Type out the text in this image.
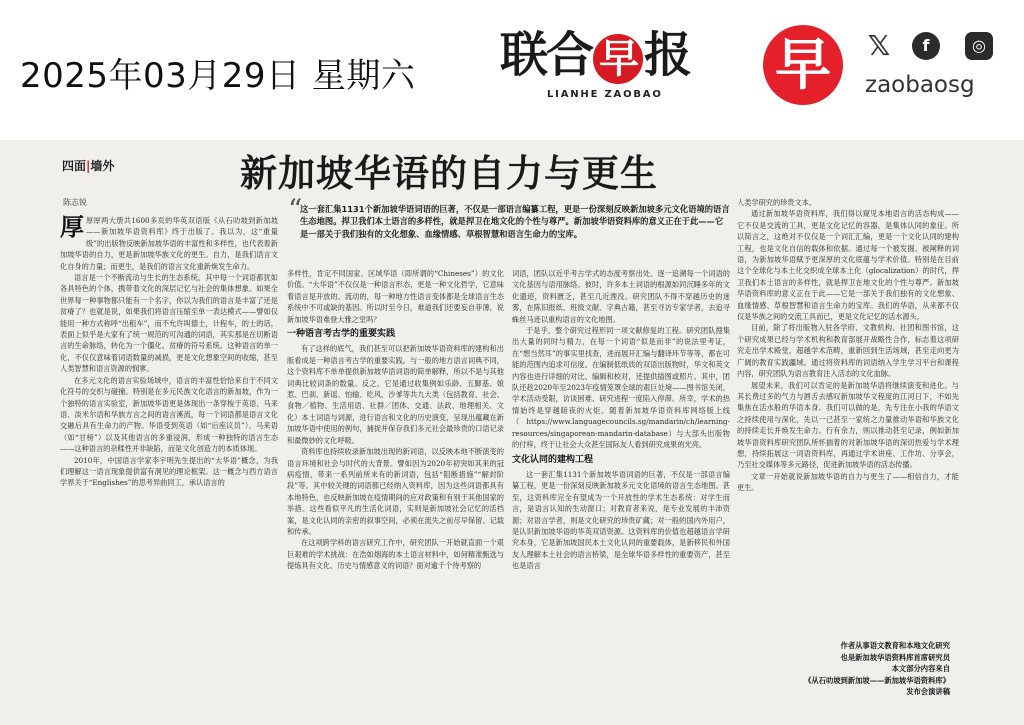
2025年03月29日 星期六 联合 早 报
LIANHE ZAOBAO 早	𝕏	f	◎
zaobaosg
四面|墙外	新加坡华语的自力与更生
陈志锐	“
这一套汇集1131个新加坡华语词语的巨著，不仅是一部语言编纂工程，更是一份深刻反映新加坡多元文化语境的语言生态地图。捍卫我们本土语言的多样性，就是捍卫在地文化的个性与尊严。新加坡华语资料库的意义正在于此——它是一部关于我们独有的文化想象、血缘情感、草根智慧和语言生命力的宝库。
厚 厚厚两大册共1600多页的华英双语版《从石叻坡到新加坡——新加坡华语资料库》终于出版了。我以为，这“重量级”的出版物反映新加坡华语的丰富性和多样性，也代表着新加坡华语的自力，更是新加坡华族文化的更生。自力，是我们语言文化自身的力量；而更生，是我们的语言文化重新焕发生命力。

语言是一个不断流动与生长的生态系统，其中每一个词语都犹如各具特色的个体，携带着文化的深层记忆与社会的集体想象。如果全世界每一种事物都只能有一个名字，你以为我们的语言是丰富了还是贫瘠了？也就是说，如果我们将语言压缩至单一表达模式——譬如仅能用一种方式称呼“出租车”，而不允许叫德士，计程车，的士的话，表面上似乎是大家有了统一规范的可沟通的词语，其实那是在切断语言的生命脉络，转化为一个僵化、贫瘠的符号系统。这种语言的单一化，不仅仅意味着词语数量的减损，更是文化想象空间的收缩，甚至人类智慧和语言资源的悯寥。

在多元文化的语言实验场域中，语言的丰富性恰恰来自于不同文化符号的交织与碰撞。特别是在多元民族文化语言的新加坡，作为一个独特的语言实验室，新加坡华语更是体现出一条穿梭于英语、马来语、淡米尔语和华族方言之间的语言溪流，每一个词语都是语言文化交融后具有生命力的产物。华语受到英语（如“后座议员”）、马来语（如“甘榜”）以及其他语言的多重浸润，形成一种独特的语言生态——这种语言的杂糅性并非缺陷，而是文化创造力的本质体现。

2010年，中国语言学家李宇明先生提出的“大华语”概念，为我们理解这一语言现象提供富有洞见的理论框架。这一概念与西方语言学界关于“Englishes”的思考异曲同工，承认语言的

多样性，肯定不同国家、区域华语（即所谓的“Chineses”）的文化价值。“大华语”不仅仅是一种语言形态，更是一种文化哲学，它意味着语言是开放的、流动的，每一种地方性语言变体都是全球语言生态系统中不可或缺的基因。所以时至今日，难道我们还要妄自菲薄，说新加坡华语难登大雅之堂吗？

一种语言考古学的重要实践

有了这样的底气，我们甚至可以把新加坡华语资料库的建构和出版看成是一种语言考古学的重要实践。与一般的地方语言词典不同，这个资料库不单单提供新加坡华语词语的简单解释，所以不是与其他词典比较词条的数量。反之，它是通过收集例如乐龄、五脚基、娘惹、巴刹、新谣、怕输、吃风、沙爹等共九大类（包括教育、社会、食物／植物、生活用语、社群／团体、交通、法政、地理相关、文化）本土词语与词源，进行语言和文化的历史演变，呈现出蕴藏在新加坡华语中使用的例句，捕捉并保存我们多元社会最珍贵的口语记录和最微妙的文化呼吸。

资料库也持续收录新加坡出现的新词语，以反映本地不断演变的语言环境和社会与时代的大背景。譬如因为2020年初突如其来的冠病疫情，带来一系列前所未有的新词语，包括“阻断措施”“解封阶段”等。其中较关键的词语都已经纳入资料库，因为这些词语都具有本地特色，也反映新加坡在疫情期间的应对政策和有别于其他国家的举措。这些看似平凡的生活化词语，实则是新加坡社会记忆的活档案，是文化认同的亲密的叙事空间，必须在流失之前尽早保留、记载和传承。

在这项跨学科的语言研究工作中，研究团队一开始就直面一个艰巨艰难的学术挑战：在浩如烟海的本土语言材料中，如何精准甄选与提炼具有文化、历史与情感意义的词语？面对逾千个待考察的

词语，团队以近乎考古学式的态度考察出处、逐一追溯每一个词语的文化基因与语用脉络。彼时，许多本土词语的根源如同沉睡多年的文化遗迹，资料匮乏，甚至几近湮没。研究团队不得不穿越历史的迷雾，在陈旧报纸、班级文献、字典古籍，甚至寻访专家学者，去追寻蛛丝马迹以重构语言的文化地图。

于是乎，整个研究过程形同一项文献修复的工程。研究团队搜集出大量的同时与精力，在每一个词语“似是而非”的说法里考证，在“想当然耳”的事实里找查，进而展开汇编与翻译环节等等，都在可能的范围内追求可信度。在编制低纸质的双语出版物时，华文和英文内容也进行详细的对比、编辑和校对，还提供插图或照片。其中，团队还趁2020年至2023年疫情笼罩全球的艰巨处境——图书馆关闭、学术活动受限，访谈困难、研究进程一度陷入停滞。所幸，学术的热情始终是穿越暗夜的火炬。随着新加坡华语资料库网络版上线（https://www.languagecouncils.sg/mandarin/ch/learning-resources/singaporean-mandarin-database）与大部头出版物的付梓，终于让社会大众甚至国际友人看到研究成果的光亮。

文化认同的建构工程

这一套汇集1131个新加坡华语词语的巨著，不仅是一部语言编纂工程，更是一份深刻反映新加坡多元文化语境的语言生态地图。甚至，这资料库完全有望成为一个开放性的学术生态系统：对学生而言，是语言认知的生动窗口；对教育者来说，是专业发展的丰沛资源；对语言学者，则是文化研究的珍贵矿藏；对一般的国内外用户，是认识新加坡华语的华英双语资源。这资料库的价值也超越语言学研究本身，它是新加坡国民本土文化认同的重要载体，是新移民和外国友人理解本土社会的语言桥梁，是全球华语多样性的重要资产，甚至也是语言

人类学研究的珍贵文本。

通过新加坡华语资料库，我们得以窥见本地语言的活态构成——它不仅是交流的工具，更是文化记忆的容器，是集体认同的象征。所以简言之，这绝对不仅仅是一个词汇汇编，更是一个文化认同的建构工程，也是文化自信的载体和依据。通过每一个被发掘、被阐释的词语，为新加坡华语赋予更深厚的文化底蕴与学术价值。特别是在目前这个全球化与本土化交织成全球本土化（glocalization）的时代，捍卫我们本土语言的多样性，就是捍卫在地文化的个性与尊严。新加坡华语资料库的意义正在于此——它是一部关于我们独有的文化想象、血缘情感、草根智慧和语言生命力的宝库。我们的华语，从来都不仅仅是华族之间的交流工具而已，更是文化记忆的活水源头。

目前，除了将出版物入驻各学府、文教机构、社团和图书馆，这个研究成果已经与学术机构和教育部展开战略性合作，标志着这项研究走出学术殿堂，超越学术范畴，重新回到生活场域，甚至走向更为广阔的教育实践疆域。通过将资料库的词语纳入学生学习平台和课程内容，研究团队为语言教育注入活态的文化血脉。

展望未来，我们可以肯定的是新加坡华语将继续演变和进化。与其长费过多的气力与唇舌去感叹新加坡华文程度的江河日下，不如先集焦在活水般的华语本身。我们可以做的是，先专注在小我的华语文之持续使用与深化，先以一己甚至一家统之力量推动华语和华族文化的持续走长并焕发生命力。行有余力，则以推动甚至记录，例如新加坡华语资料库研究团队所怀揣着的对新加坡华语的深切热爱与学术理想，持续拓展这一词语资料库，再通过学术讲座、工作坊、分享会，乃至社交媒体等多元路径，促进新加坡华语的活态传播。

文章一开始就说新加坡华语的自力与更生了——相信自力，才能更生。

作者从事语文教育和本地文化研究
也是新加坡华语资料库首席研究员
本文部分内容来自
《从石叻坡到新加坡——新加坡华语资料库》
发布会演讲稿
